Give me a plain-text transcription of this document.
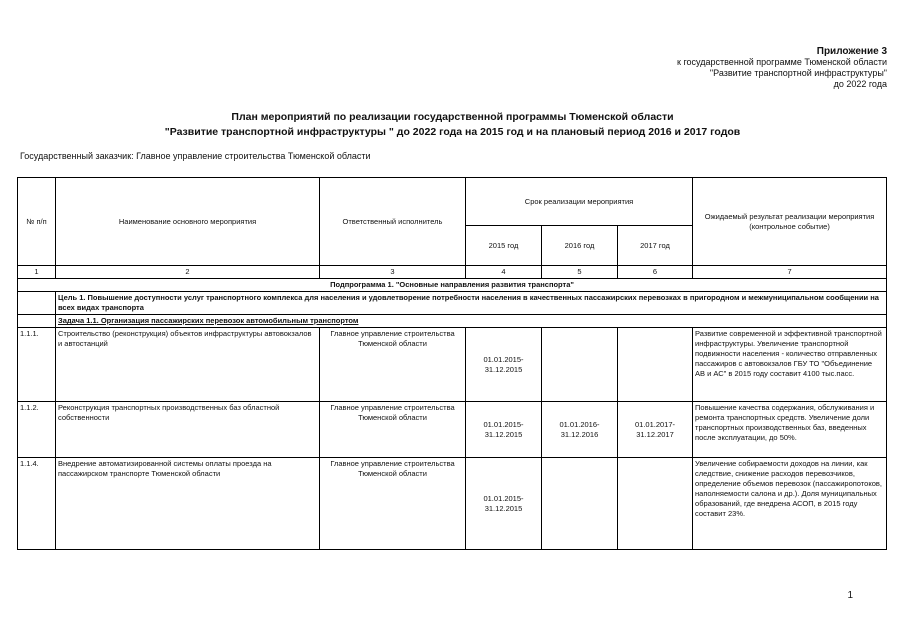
Приложение 3
к государственной программе Тюменской области
"Развитие транспортной инфраструктуры"
до 2022 года
План мероприятий по реализации государственной программы Тюменской области
"Развитие транспортной инфраструктуры " до 2022 года на 2015 год и на плановый период 2016 и 2017 годов
Государственный заказчик: Главное управление строительства Тюменской области
№ п/п	Наименование основного мероприятия	Ответственный исполнитель	Срок реализации мероприятия			Ожидаемый результат реализации мероприятия (контрольное событие)
			2015 год	2016 год	2017 год	
1	2	3	4	5	6	7
Подпрограмма 1. "Основные направления развития транспорта"						
	Цель 1. Повышение доступности услуг транспортного комплекса для населения и удовлетворение потребности населения в качественных пассажирских перевозках в пригородном и межмуниципальном сообщении на всех видах транспорта					
	Задача 1.1. Организация пассажирских перевозок автомобильным транспортом					
1.1.1.	Строительство (реконструкция) объектов инфраструктуры автовокзалов и автостанций	Главное управление строительства Тюменской области	01.01.2015-31.12.2015			Развитие современной и эффективной транспортной инфраструктуры. Увеличение транспортной подвижности населения - количество отправленных пассажиров с автовокзалов ГБУ ТО "Объединение АВ и АС" в 2015 году составит 4100 тыс.пасс.
1.1.2.	Реконструкция транспортных производственных баз областной собственности	Главное управление строительства Тюменской области	01.01.2015-31.12.2015	01.01.2016-31.12.2016	01.01.2017-31.12.2017	Повышение качества содержания, обслуживания и ремонта транспортных средств. Увеличение доли транспортных производственных баз, введенных после эксплуатации, до 50%.
1.1.4.	Внедрение автоматизированной системы оплаты проезда на пассажирском транспорте Тюменской области	Главное управление строительства Тюменской области	01.01.2015-31.12.2015			Увеличение собираемости доходов на линии, как следствие, снижение расходов перевозчиков, определение объемов перевозок (пассажиропотоков, наполняемости салона и др.). Доля муниципальных образований, где внедрена АСОП, в 2015 году составит 23%.
1
